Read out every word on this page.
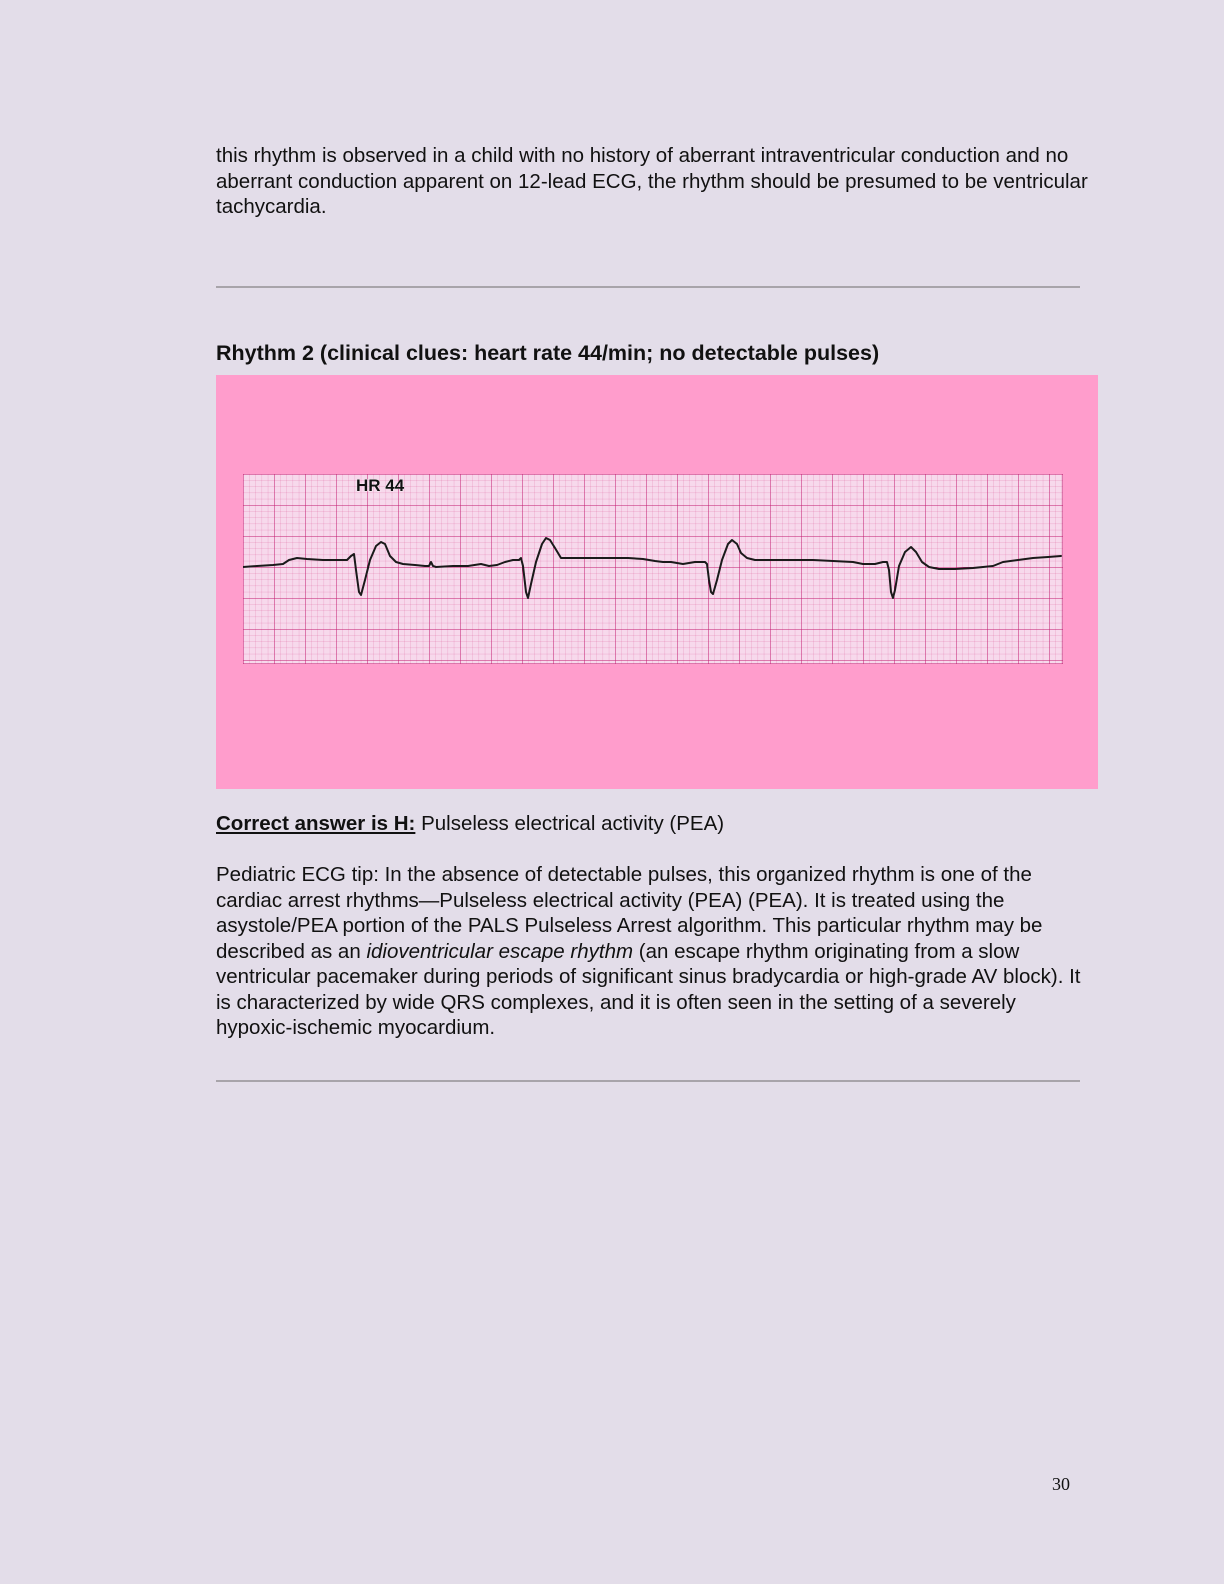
this rhythm is observed in a child with no history of aberrant intraventricular conduction and no aberrant conduction apparent on 12-lead ECG, the rhythm should be presumed to be ventricular tachycardia.

Rhythm 2 (clinical clues: heart rate 44/min; no detectable pulses)
HR 44

Correct answer is H: Pulseless electrical activity (PEA)

Pediatric ECG tip: In the absence of detectable pulses, this organized rhythm is one of the cardiac arrest rhythms—Pulseless electrical activity (PEA) (PEA). It is treated using the asystole/PEA portion of the PALS Pulseless Arrest algorithm. This particular rhythm may be described as an idioventricular escape rhythm (an escape rhythm originating from a slow ventricular pacemaker during periods of significant sinus bradycardia or high-grade AV block). It is characterized by wide QRS complexes, and it is often seen in the setting of a severely hypoxic-ischemic myocardium.

30
